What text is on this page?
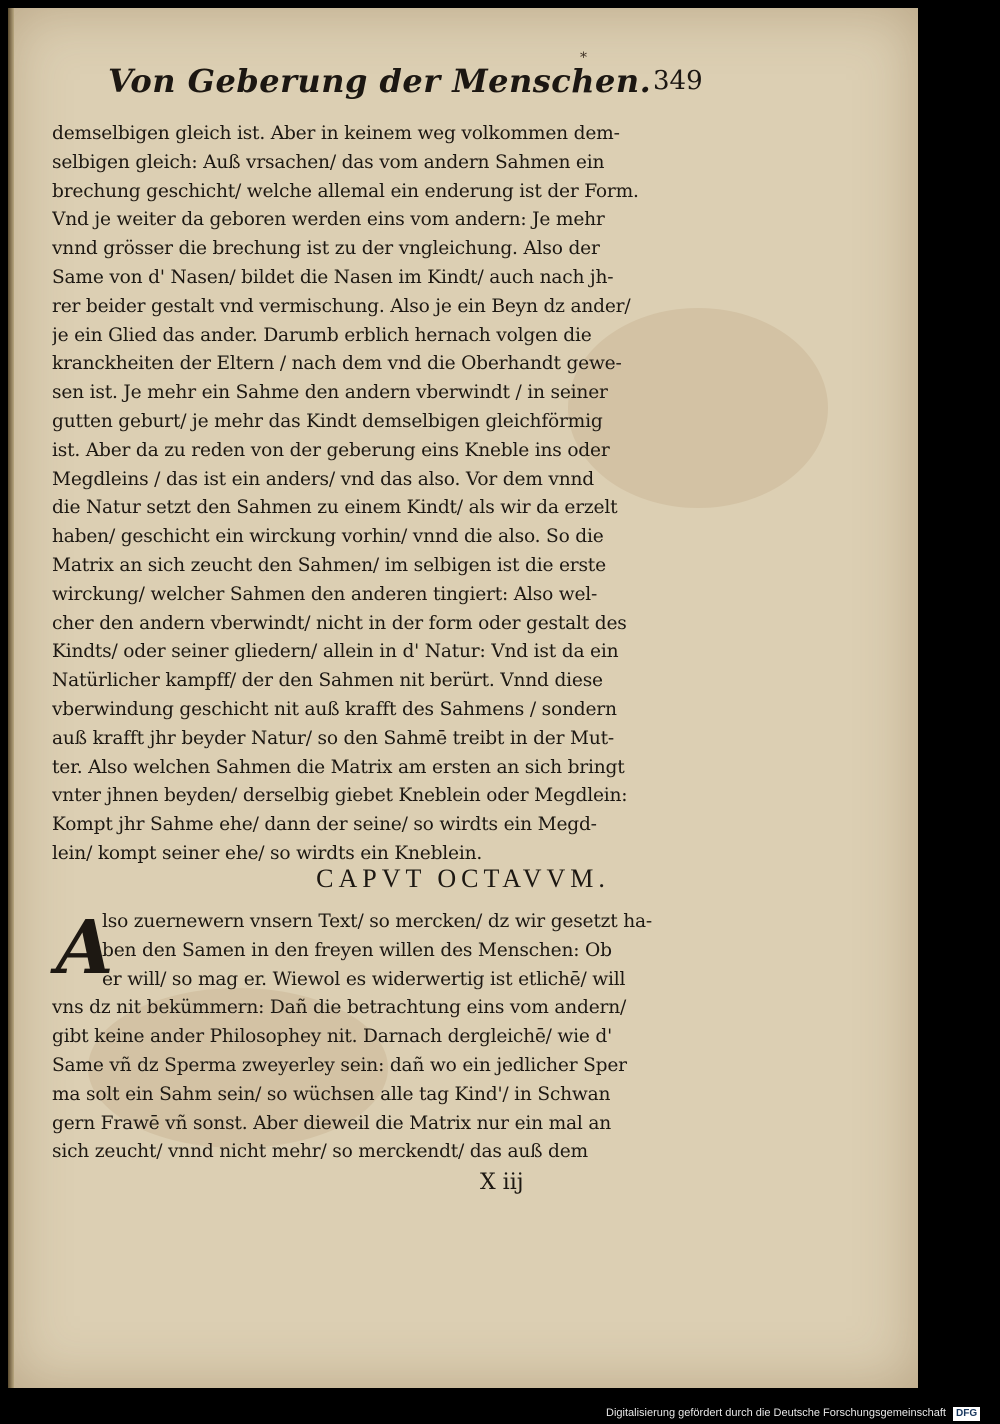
Von Geberung der Menschen.
*
349
demselbigen gleich ist. Aber in keinem weg volkommen dem-
selbigen gleich: Auß vrsachen/ das vom andern Sahmen ein
brechung geschicht/ welche allemal ein enderung ist der Form.
Vnd je weiter da geboren werden eins vom andern: Je mehr
vnnd grösser die brechung ist zu der vngleichung. Also der
Same von d' Nasen/ bildet die Nasen im Kindt/ auch nach jh-
rer beider gestalt vnd vermischung. Also je ein Beyn dz ander/
je ein Glied das ander. Darumb erblich hernach volgen die
kranckheiten der Eltern / nach dem vnd die Oberhandt gewe-
sen ist. Je mehr ein Sahme den andern vberwindt / in seiner
gutten geburt/ je mehr das Kindt demselbigen gleichförmig
ist. Aber da zu reden von der geberung eins Kneble ins oder
Megdleins / das ist ein anders/ vnd das also. Vor dem vnnd
die Natur setzt den Sahmen zu einem Kindt/ als wir da erzelt
haben/ geschicht ein wirckung vorhin/ vnnd die also. So die
Matrix an sich zeucht den Sahmen/ im selbigen ist die erste
wirckung/ welcher Sahmen den anderen tingiert: Also wel-
cher den andern vberwindt/ nicht in der form oder gestalt des
Kindts/ oder seiner gliedern/ allein in d' Natur: Vnd ist da ein
Natürlicher kampff/ der den Sahmen nit berürt. Vnnd diese
vberwindung geschicht nit auß krafft des Sahmens / sondern
auß krafft jhr beyder Natur/ so den Sahmē treibt in der Mut-
ter. Also welchen Sahmen die Matrix am ersten an sich bringt
vnter jhnen beyden/ derselbig giebet Kneblein oder Megdlein:
Kompt jhr Sahme ehe/ dann der seine/ so wirdts ein Megd-
lein/ kompt seiner ehe/ so wirdts ein Kneblein.
CAPVT OCTAVVM.
A
lso zuernewern vnsern Text/ so mercken/ dz wir gesetzt ha-
ben den Samen in den freyen willen des Menschen: Ob
er will/ so mag er. Wiewol es widerwertig ist etlichē/ will
vns dz nit bekümmern: Dañ die betrachtung eins vom andern/
gibt keine ander Philosophey nit. Darnach dergleichē/ wie d'
Same vñ dz Sperma zweyerley sein: dañ wo ein jedlicher Sper
ma solt ein Sahm sein/ so wüchsen alle tag Kind'/ in Schwan
gern Frawē vñ sonst. Aber dieweil die Matrix nur ein mal an
sich zeucht/ vnnd nicht mehr/ so merckendt/ das auß dem
X iij
Digitalisierung gefördert durch die Deutsche Forschungsgemeinschaft DFG
